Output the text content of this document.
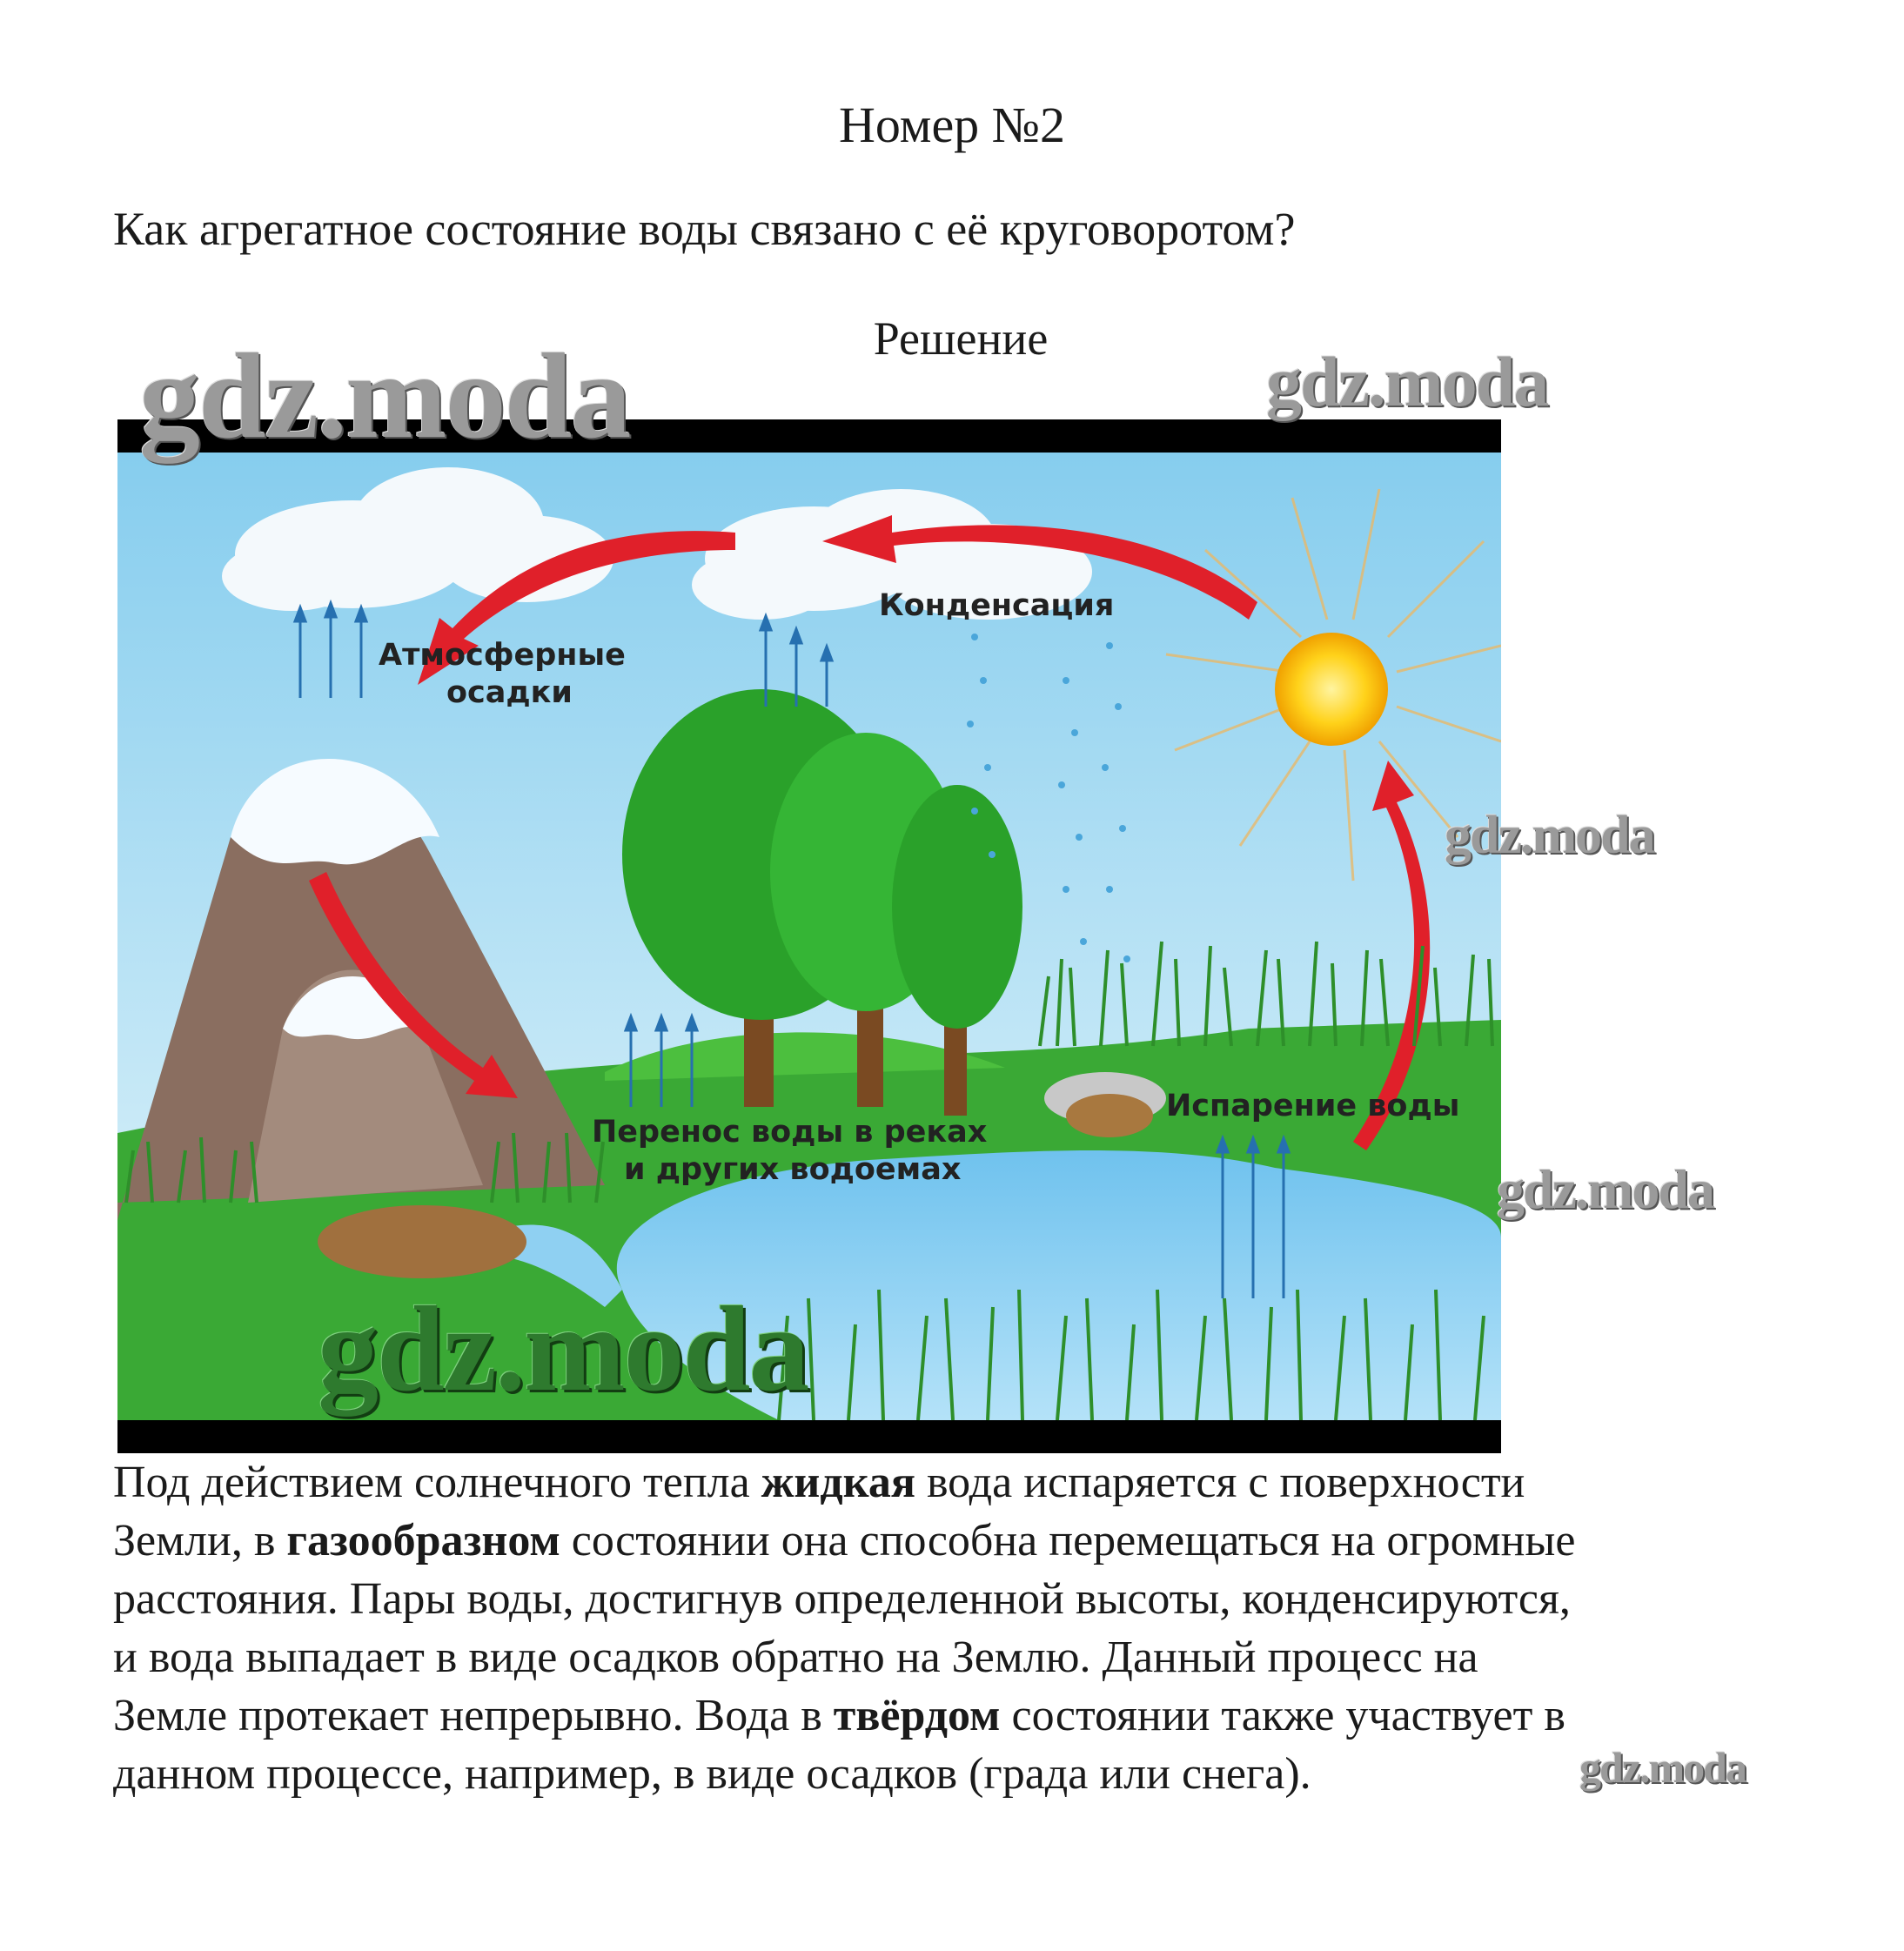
Номер №2
Как агрегатное состояние воды связано с её круговоротом?
Решение
Атмосферные
осадки
Конденсация
Перенос воды в реках
и других водоемах
Испарение воды
gdz.moda	gdz.moda
gdz.moda
gdz.moda
gdz.moda

Под действием солнечного тепла жидкая вода испаряется с поверхности

Земли, в газообразном состоянии она способна перемещаться на огромные

расстояния. Пары воды, достигнув определенной высоты, конденсируются,

и вода выпадает в виде осадков обратно на Землю. Данный процесс на

Земле протекает непрерывно. Вода в твёрдом состоянии также участвует в

данном процессе, например, в виде осадков (града или снега).	gdz.moda
